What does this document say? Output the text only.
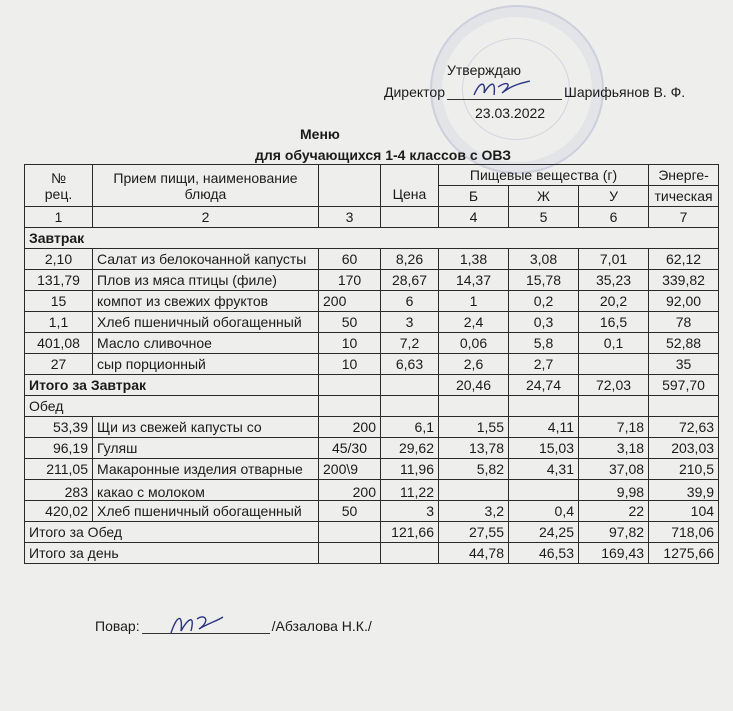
Утверждаю
Директор	Шарифьянов В. Ф.
23.03.2022
Меню
для обучающихся 1-4 классов с ОВЗ
№
рец.	Прием пищи, наименование блюда		Цена	Пищевые вещества (г)			Энерге-
				Б	Ж	У	тическая
1	2	3		4	5	6	7
Завтрак							
2,10	Салат из белокочанной капусты	60	8,26	1,38	3,08	7,01	62,12
131,79	Плов из мяса птицы (филе)	170	28,67	14,37	15,78	35,23	339,82
15	компот из свежих фруктов	200	6	1	0,2	20,2	92,00
1,1	Хлеб пшеничный обогащенный	50	3	2,4	0,3	16,5	78
401,08	Масло сливочное	10	7,2	0,06	5,8	0,1	52,88
27	сыр порционный	10	6,63	2,6	2,7		35
Итого за Завтрак				20,46	24,74	72,03	597,70
Обед							
53,39	Щи из свежей капусты со	200	6,1	1,55	4,11	7,18	72,63
96,19	Гуляш	45/30	29,62	13,78	15,03	3,18	203,03
211,05	Макаронные изделия отварные	200\9	11,96	5,82	4,31	37,08	210,5
283	какао с молоком	200	11,22			9,98	39,9
420,02	Хлеб пшеничный обогащенный	50	3	3,2	0,4	22	104
Итого за Обед			121,66	27,55	24,25	97,82	718,06
Итого за день				44,78	46,53	169,43	1275,66
Повар:	/Абзалова Н.К./
